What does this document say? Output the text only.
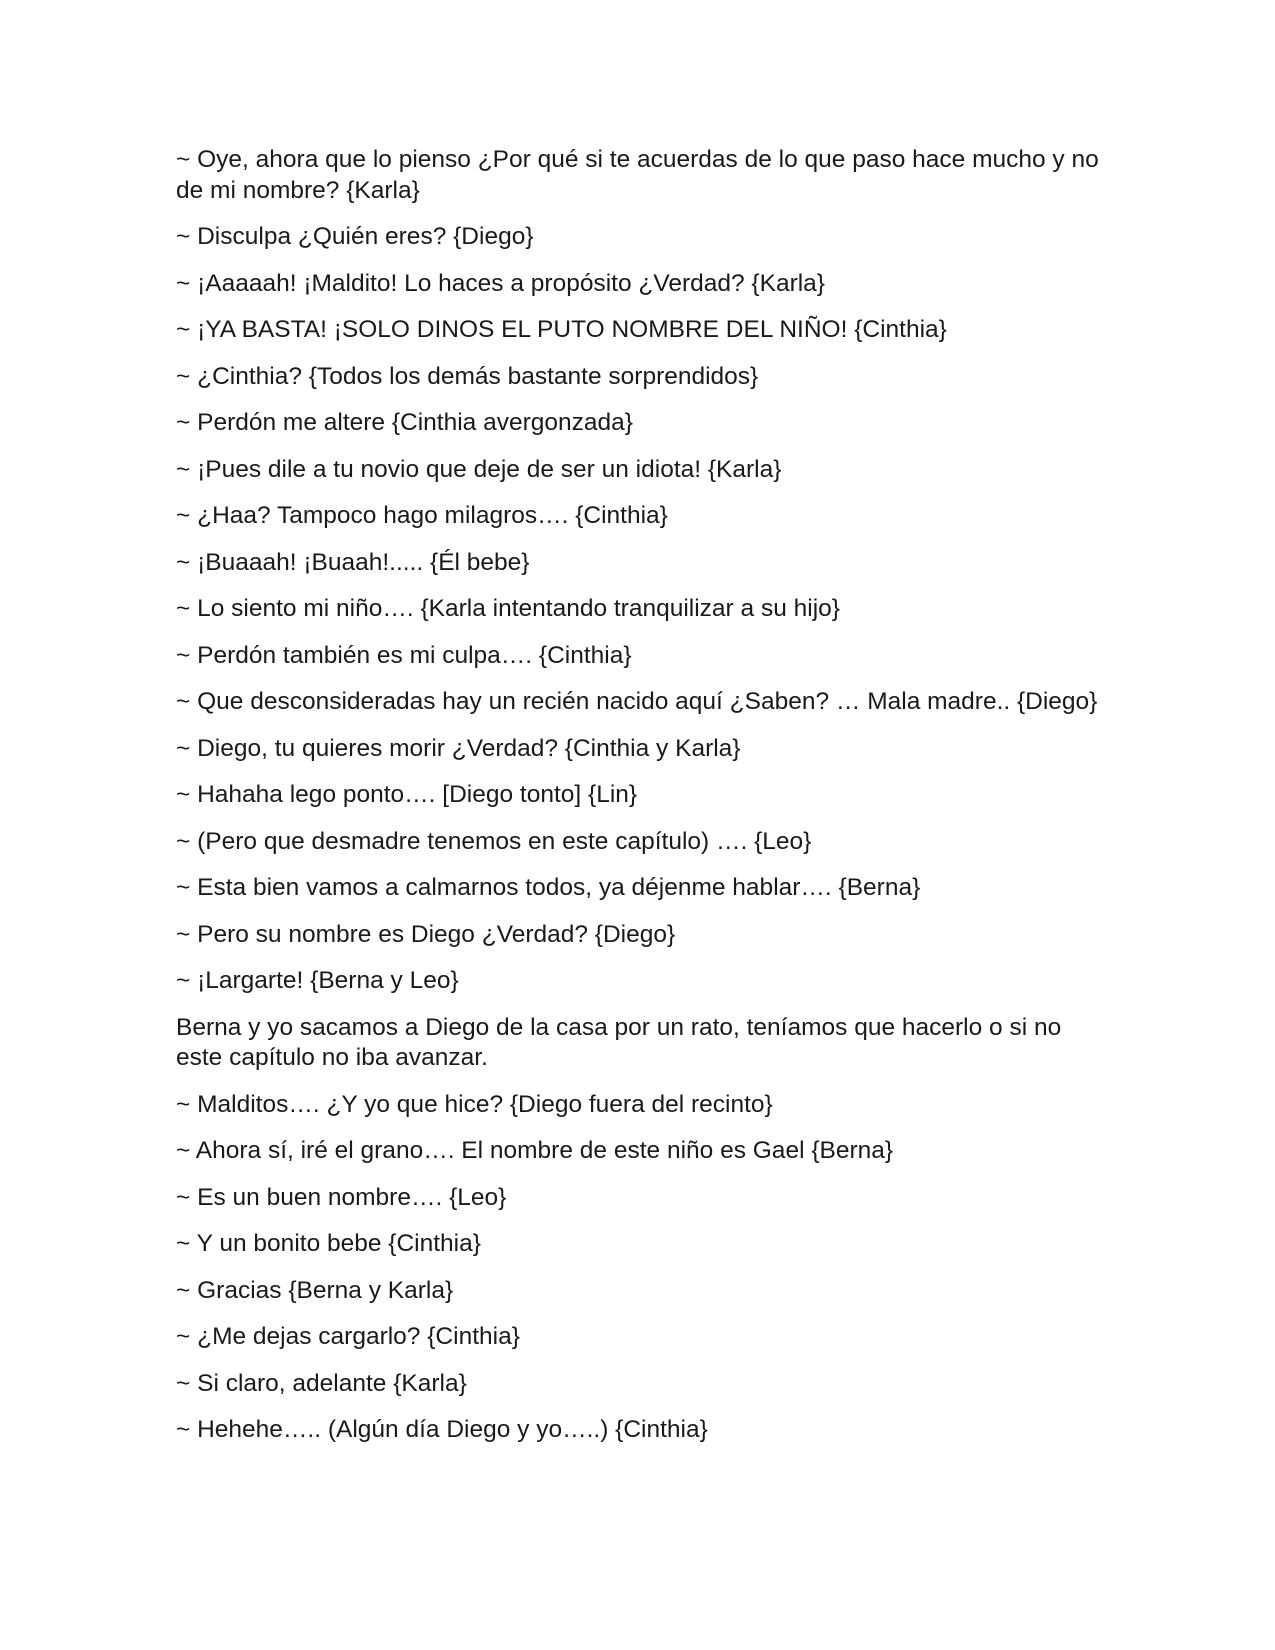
~ Oye, ahora que lo pienso ¿Por qué si te acuerdas de lo que paso hace mucho y no de mi nombre? {Karla}

~ Disculpa ¿Quién eres? {Diego}

~ ¡Aaaaah! ¡Maldito! Lo haces a propósito ¿Verdad? {Karla}

~ ¡YA BASTA! ¡SOLO DINOS EL PUTO NOMBRE DEL NIÑO! {Cinthia}

~ ¿Cinthia? {Todos los demás bastante sorprendidos}

~ Perdón me altere {Cinthia avergonzada}

~ ¡Pues dile a tu novio que deje de ser un idiota! {Karla}

~ ¿Haa? Tampoco hago milagros…. {Cinthia}

~ ¡Buaaah! ¡Buaah!..... {Él bebe}

~ Lo siento mi niño…. {Karla intentando tranquilizar a su hijo}

~ Perdón también es mi culpa…. {Cinthia}

~ Que desconsideradas hay un recién nacido aquí ¿Saben? … Mala madre.. {Diego}

~ Diego, tu quieres morir ¿Verdad? {Cinthia y Karla}

~ Hahaha lego ponto…. [Diego tonto] {Lin}

~ (Pero que desmadre tenemos en este capítulo) …. {Leo}

~ Esta bien vamos a calmarnos todos, ya déjenme hablar…. {Berna}

~ Pero su nombre es Diego ¿Verdad? {Diego}

~ ¡Largarte! {Berna y Leo}

Berna y yo sacamos a Diego de la casa por un rato, teníamos que hacerlo o si no este capítulo no iba avanzar.

~ Malditos…. ¿Y yo que hice? {Diego fuera del recinto}

~ Ahora sí, iré el grano…. El nombre de este niño es Gael {Berna}

~ Es un buen nombre…. {Leo}

~ Y un bonito bebe {Cinthia}

~ Gracias {Berna y Karla}

~ ¿Me dejas cargarlo? {Cinthia}

~ Si claro, adelante {Karla}

~ Hehehe….. (Algún día Diego y yo…..) {Cinthia}
